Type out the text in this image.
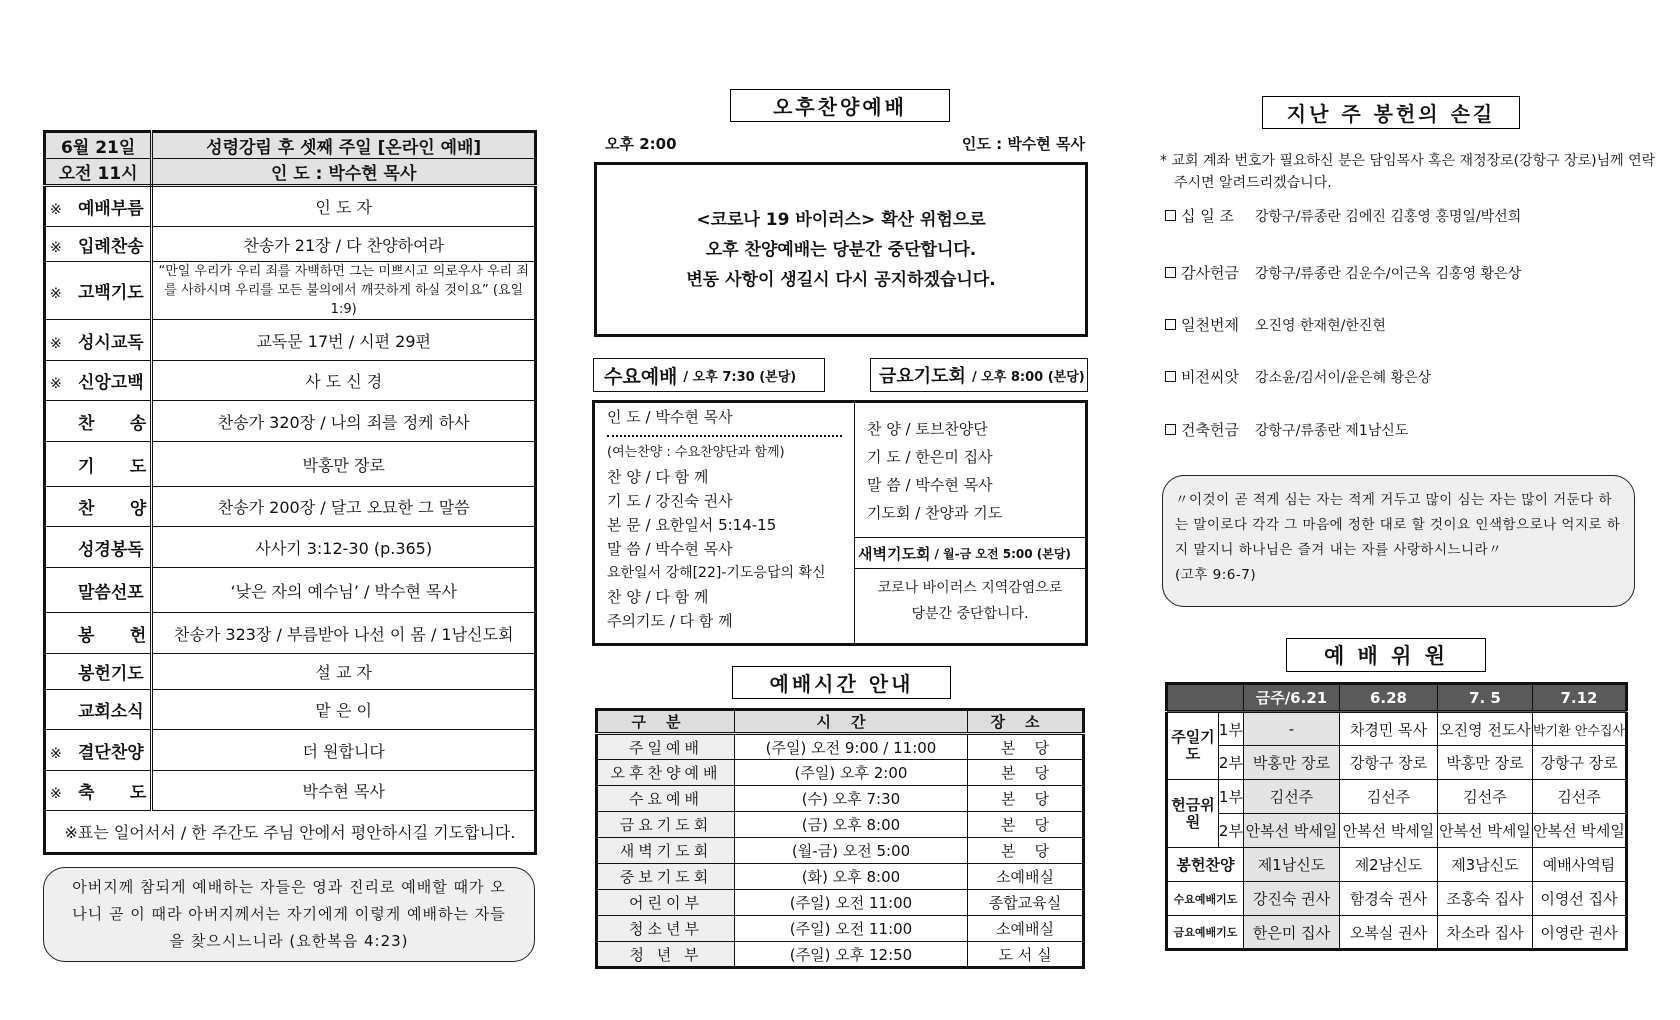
6월 21일	성령강림 후 셋째 주일 [온라인 예배]
오전 11시	인 도 : 박수현 목사
※ 예배부름	인 도 자
※ 입례찬송	찬송가 21장 / 다 찬양하여라
※ 고백기도	“만일 우리가 우리 죄를 자백하면 그는 미쁘시고 의로우사 우리 죄를 사하시며 우리를 모든 불의에서 깨끗하게 하실 것이요” (요일 1:9)
※ 성시교독	교독문 17번 / 시편 29편
※ 신앙고백	사 도 신 경
찬      송	찬송가 320장 / 나의 죄를 정케 하사
기      도	박홍만 장로
찬      양	찬송가 200장 / 달고 오묘한 그 말씀
성경봉독	사사기 3:12-30 (p.365)
말씀선포	‘낮은 자의 예수님’ / 박수현 목사
봉      헌	찬송가 323장 / 부름받아 나선 이 몸 / 1남신도회
봉헌기도	설 교 자
교회소식	맡 은 이
※ 결단찬양	더 원합니다
※ 축      도	박수현 목사
※표는 일어서서 / 한 주간도 주님 안에서 평안하시길 기도합니다.	
아버지께 참되게 예배하는 자들은 영과 진리로 예배할 때가 오나니 곧 이 때라 아버지께서는 자기에게 이렇게 예배하는 자들을 찾으시느니라 (요한복음 4:23)
오후찬양예배
오후 2:00	인도 : 박수현 목사
<코로나 19 바이러스> 확산 위험으로
오후 찬양예배는 당분간 중단합니다.
변동 사항이 생길시 다시 공지하겠습니다.
수요예배 / 오후 7:30 (본당)	금요기도회 / 오후 8:00 (본당)
인 도 / 박수현 목사
(여는찬양 : 수요찬양단과 함께)
찬 양 / 다 함 께
기 도 / 강진숙 권사
본 문 / 요한일서 5:14-15
말 씀 / 박수현 목사
요한일서 강해[22]-기도응답의 확신
찬 양 / 다 함 께
주의기도 / 다 함 께
찬 양 / 토브찬양단
기 도 / 한은미 집사
말 씀 / 박수현 목사
기도회 / 찬양과 기도
새벽기도회 / 월-금 오전 5:00 (본당)
코로나 바이러스 지역감염으로
당분간 중단합니다.
예배시간 안내
구분	시간	장소
주일예배	(주일) 오전 9:00 / 11:00	본    당
오후찬양예배	(주일) 오후 2:00	본    당
수요예배	(수) 오후 7:30	본    당
금요기도회	(금) 오후 8:00	본    당
새벽기도회	(월-금) 오전 5:00	본    당
중보기도회	(화) 오후 8:00	소예배실
어린이부	(주일) 오전 11:00	종합교육실
청소년부	(주일) 오전 11:00	소예배실
청 년 부	(주일) 오후 12:50	도 서 실
지난 주 봉헌의 손길
* 교회 계좌 번호가 필요하신 분은 담임목사 혹은 재정장로(강항구 장로)님께 연락주시면 알려드리겠습니다.
십 일 조 강항구/류종란 김에진 김홍영 홍명일/박선희
감사헌금 강항구/류종란 김운수/이근옥 김홍영 황은상
일천번제 오진영 한재현/한진현
비전씨앗 강소윤/김서이/윤은혜 황은상
건축헌금 강항구/류종란 제1남신도
〃이것이 곧 적게 심는 자는 적게 거두고 많이 심는 자는 많이 거둔다 하는 말이로다 각각 그 마음에 정한 대로 할 것이요 인색함으로나 억지로 하지 말지니 하나님은 즐겨 내는 자를 사랑하시느니라〃
(고후 9:6-7)
예 배 위 원
		금주/6.21	6.28	7. 5	7.12
주일기도	1부	-	차경민 목사	오진영 전도사	박기환 안수집사
	2부	박홍만 장로	강항구 장로	박홍만 장로	강항구 장로
헌금위원	1부	김선주	김선주	김선주	김선주
	2부	안복선 박세일	안복선 박세일	안복선 박세일	안복선 박세일
봉헌찬양		제1남신도	제2남신도	제3남신도	예배사역팀
수요예배기도		강진숙 권사	함경숙 권사	조홍숙 집사	이영선 집사
금요예배기도		한은미 집사	오복실 권사	차소라 집사	이영란 권사
